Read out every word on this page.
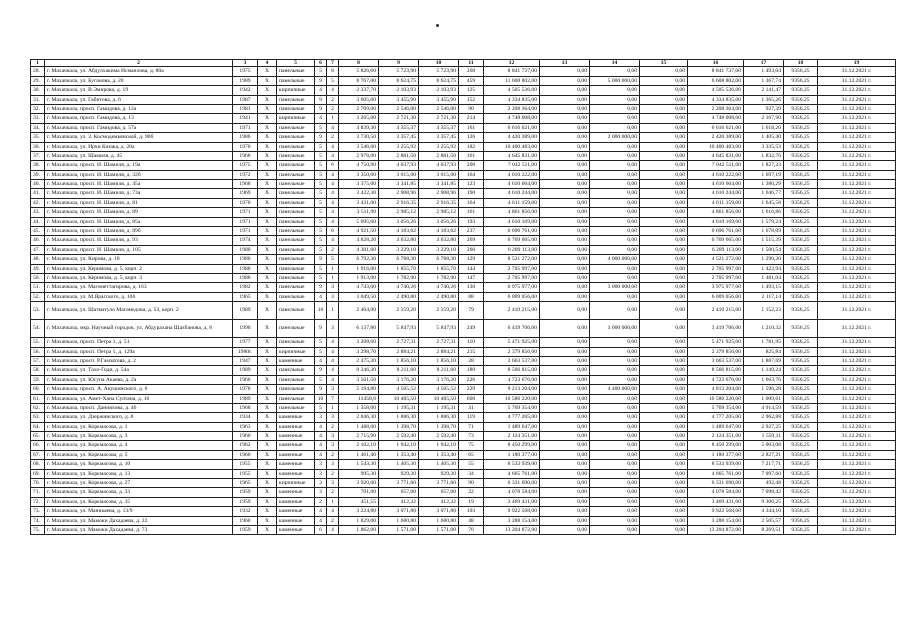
1	2	3	4	5	6	7	8	9	10	11	12	13	14	15	16	17	18	19
28.	г. Махачкала, ул. Абдулхакима Исмаилова, д. 80а	1975	X	панельные	5	8	5 826,60	5 723,90	5 723,90	260	8 841 737,00	0,00	0,00	0,00	8 841 737,00	1 493,04	9356,25	31.12.2021 г.
29.	г. Махачкала, ул. Буганова, д. 20	1989	X	панельные	9	5	8 767,00	8 624,75	8 624,75	459	11 608 802,00	0,00	5 000 000,00	0,00	6 608 802,00	1 367,74	9356,25	31.12.2021 г.
30.	г. Махачкала, ул. В.Эмирова, д. 19	1942	X	кирпичные	4	4	2 337,70	2 103,93	2 103,93	125	4 505 536,00	0,00	0,00	0,00	4 505 536,00	2 141,47	9356,25	31.12.2021 г.
31.	г. Махачкала, ул. Габитова, д. 6	1987	X	панельные	9	2	3 605,60	3 455,90	3 455,90	152	4 334 835,00	0,00	0,00	0,00	4 334 835,00	1 365,26	9356,25	31.12.2021 г.
32.	г. Махачкала, просп. Гамидова, д. 12а	1981	X	панельные	9	2	2 709,00	2 546,00	2 546,00	90	2 208 364,00	0,00	0,00	0,00	2 208 364,00	927,39	9356,25	31.12.2021 г.
33.	г. Махачкала, просп. Гамидова, д. 13	1941	X	кирпичные	4	1	3 265,00	2 721,30	2 721,30	214	4 748 008,00	0,00	0,00	0,00	4 748 008,00	2 167,90	9356,25	31.12.2021 г.
34.	г. Махачкала, просп. Гамидова, д. 57а	1971	X	панельные	5	4	4 839,30	4 355,37	4 355,37	161	6 616 621,00	0,00	0,00	0,00	6 616 621,00	1 618,20	9356,25	31.12.2021 г.
35.	г. Махачкала, ул. З. Космодемьянской, д. 90б	1986	X	панельные	9	2	3 730,50	3 357,45	3 357,45	126	4 420 389,00	0,00	2 000 000,00	0,00	2 420 389,00	1 405,40	9356,25	31.12.2021 г.
36.	г. Махачкала, ул. Ирчи Казака, д. 28а	1970	X	панельные	5	4	3 546,00	3 255,92	3 255,92	182	10 400 483,00	0,00	0,00	0,00	10 400 483,00	3 335,53	9356,25	31.12.2021 г.
37.	г. Махачкала, ул. Шамиля, д. 45	1968	X	панельные	5	4	2 978,00	2 881,50	2 881,50	161	4 645 831,00	0,00	0,00	0,00	4 645 831,00	1 832,76	9356,25	31.12.2021 г.
38.	г. Махачкала, просп. И. Шамиля, д. 19а	1975	X	панельные	5	6	4 750,90	4 037,93	4 037,93	200	7 042 511,00	0,00	0,00	0,00	7 042 511,00	1 827,23	9356,25	31.12.2021 г.
39.	г. Махачкала, просп. И. Шамиля, д. 32б	1972	X	панельные	5	4	3 350,00	3 015,00	3 015,00	164	4 610 222,00	0,00	0,00	0,00	4 610 222,00	1 697,19	9356,25	31.12.2021 г.
40.	г. Махачкала, просп. И. Шамиля, д. 45а	1968	X	панельные	5	4	3 375,00	3 341,85	3 341,85	123	4 610 604,00	0,00	0,00	0,00	4 610 604,00	1 380,29	9356,25	31.12.2021 г.
41.	г. Махачкала, просп. И. Шамиля, д. 73а	1969	X	панельные	5	4	3 422,30	2 908,96	2 908,96	190	4 610 244,00	0,00	0,00	0,00	4 610 244,00	1 646,77	9356,25	31.12.2021 г.
42.	г. Махачкала, просп. И. Шамиля, д. 81	1970	X	панельные	5	4	3 431,00	2 916,35	2 916,35	164	4 611 159,00	0,00	0,00	0,00	4 611 159,00	1 645,58	9356,25	31.12.2021 г.
43.	г. Махачкала, просп. И. Шамиля, д. 89	1971	X	панельные	5	4	3 511,90	2 985,12	2 985,12	161	4 861 856,00	0,00	0,00	0,00	4 861 856,00	1 616,86	9356,25	31.12.2021 г.
44.	г. Махачкала, просп. И. Шамиля, д. 85а	1971	X	панельные	5	4	5 095,60	3 056,26	3 056,26	193	4 610 169,00	0,00	0,00	0,00	4 610 169,00	1 579,24	9356,25	31.12.2021 г.
45.	г. Махачкала, просп. И. Шамиля, д. 89б	1971	X	панельные	5	6	4 921,50	4 183,62	4 183,62	237	6 696 761,00	0,00	0,00	0,00	6 696 761,00	1 678,09	9356,25	31.12.2021 г.
46.	г. Махачкала, просп. И. Шамиля, д. 93	1974	X	панельные	5	4	4 828,20	4 632,80	4 632,80	269	6 769 665,00	0,00	0,00	0,00	6 769 665,00	1 515,39	9356,25	31.12.2021 г.
47.	г. Махачкала, просп. И. Шамиля, д. 105	1980	X	панельные	5	2	4 301,60	3 229,10	3 229,10	266	6 289 113,00	0,00	0,00	0,00	6 289 113,00	1 500,54	9356,25	31.12.2021 г.
48.	г. Махачкала, ул. Кирова, д. 10	1986	X	панельные	9	5	6 792,30	6 788,30	6 788,30	129	8 521 272,00	0,00	4 000 000,00	0,00	4 521 272,00	1 290,20	9356,25	31.12.2021 г.
49.	г. Махачкала, ул. Керимова, д. 5, корп. 2	1988	X	панельные	5	1	1 916,00	1 855,70	1 855,70	144	2 705 997,00	0,00	0,00	0,00	2 705 997,00	1 422,94	9356,25	31.12.2021 г.
50.	г. Махачкала, ул. Керимова, д. 5, корп. 3	1988	X	панельные	5	1	1 913,00	1 782,90	1 782,90	147	2 705 997,00	0,00	0,00	0,00	2 705 997,00	1 481,04	9356,25	31.12.2021 г.
51.	г. Махачкала, ул. Магометтагирова, д. 163	1982	X	панельные	9	3	4 743,00	4 740,26	4 740,26	136	6 975 977,00	0,00	3 000 000,00	0,00	3 975 977,00	1 493,15	9356,25	31.12.2021 г.
52.	г. Махачкала, ул. М.Ярагского, д. 106	1965	X	панельные	4	3	3 049,50	2 490,80	2 490,80	88	6 009 056,00	0,00	0,00	0,00	6 009 056,00	2 117,14	9356,25	31.12.2021 г.
53.	г. Махачкала, ул. Шатматуло Магомедова, д. 53, корп. 2	1989	X	панельные	10	1	2 464,00	2 159,20	2 159,20	79	2 410 215,00	0,00	0,00	0,00	2 410 215,00	1 152,23	9356,25	31.12.2021 г.
54.	г. Махачкала, мкр. Научный городок, ул. Абдурахана Шахбанова, д. 8	1990	X	панельные	9	3	6 137,80	5 847,93	5 847,93	249	6 419 706,00	0,00	3 000 000,00	0,00	3 419 706,00	1 210,32	9356,25	31.12.2021 г.
55.	г. Махачкала, просп. Петра 1, д. 51	1977	X	панельные	5	4	3 208,60	2 727,31	2 727,31	110	5 471 925,00	0,00	0,00	0,00	5 471 925,00	1 781,95	9356,25	31.12.2021 г.
56.	г. Махачкала, просп. Петра 1, д. 129а	1980г.	X	кирпичные	5	4	3 298,70	2 884,21	2 884,21	215	2 379 856,00	0,00	0,00	0,00	2 379 856,00	825,84	9356,25	31.12.2021 г.
57.	г. Махачкала, просп. Р.Гамзатова, д. 2	1947	X	каменные	4	4	2 475,20	1 856,10	1 856,10	28	3 663 537,00	0,00	0,00	0,00	3 663 537,00	1 887,69	9356,25	31.12.2021 г.
58.	г. Махачкала, ул. Тахо-Годи, д. 54а	1989	X	панельные	9	4	8 246,30	8 211,60	8 211,60	180	8 566 815,00	0,00	0,00	0,00	8 566 815,00	1 149,24	9356,25	31.12.2021 г.
59.	г. Махачкала, ул. Юсупа Акаева, д. 2а	1966	X	панельные	5	4	3 561,50	3 176,20	3 176,20	226	4 723 676,00	0,00	0,00	0,00	4 723 676,00	1 663,76	9356,25	31.12.2021 г.
60.	г. Махачкала, просп. А. Акушинского, д. 6	1978	X	панельные	9	3	5 194,80	4 565,52	4 565,52	229	9 213 204,00	0,00	4 400 000,00	0,00	4 813 204,00	1 596,28	9356,25	31.12.2021 г.
61.	г. Махачкала, ул. Амет-Хана Султана, д. 16	1989	X	панельные	10	7	11458,0	10 485,50	10 485,50	600	10 586 220,00	0,00	0,00	0,00	10 586 220,00	1 009,61	9356,25	31.12.2021 г.
62.	г. Махачкала, просп. Даниялова, д. 46	1968	X	панельные	5	1	1 358,00	1 195,31	1 195,31	31	5 769 354,00	0,00	0,00	0,00	5 769 354,00	4 914,59	9356,25	31.12.2021 г.
63.	г. Махачкала, ул. Дзержинского, д. 8	1934	X	каменные	3	3	2 046,30	1 886,30	1 886,30	119	4 777 205,00	0,00	0,00	0,00	4 777 205,00	2 962,88	9356,25	31.12.2021 г.
64.	г. Махачкала, ул. Коркмасова, д. 1	1963	X	каменные	4	2	1 488,00	1 398,70	1 398,70	71	1 489 647,00	0,00	0,00	0,00	1 489 647,00	2 927,25	9356,25	31.12.2021 г.
65.	г. Махачкала, ул. Коркмасова, д. 3	1960	X	каменные	4	3	2 715,90	2 592,40	2 592,40	73	2 124 351,00	0,00	0,00	0,00	2 124 351,00	1 559,11	9356,25	31.12.2021 г.
66.	г. Махачкала, ул. Коркмасова, д. 4	1962	X	каменные	4	3	2 102,10	1 942,10	1 942,10	75	8 450 299,00	0,00	0,00	0,00	8 450 299,00	5 003,08	9356,25	31.12.2021 г.
67.	г. Махачкала, ул. Коркмасова, д. 5	1960	X	каменные	4	2	1 461,40	1 353,40	1 353,40	65	1 180 377,00	0,00	0,00	0,00	1 180 377,00	2 827,21	9356,25	31.12.2021 г.
68.	г. Махачкала, ул. Коркмасова, д. 10	1955	X	каменные	3	3	1 543,30	1 405,30	1 405,30	55	8 533 939,00	0,00	0,00	0,00	8 533 939,00	7 217,71	9356,25	31.12.2021 г.
69.	г. Махачкала, ул. Коркмасова, д. 13	1955	X	каменные	3	2	995,30	929,20	929,20	34	4 665 761,00	0,00	0,00	0,00	4 665 761,00	7 097,60	9356,25	31.12.2021 г.
70.	г. Махачкала, ул. Коркмасова, д. 27	1965	X	кирпичные	3	3	3 920,00	3 771,60	3 771,60	90	6 331 690,00	0,00	0,00	0,00	6 331 690,00	492,48	9356,25	31.12.2021 г.
71.	г. Махачкала, ул. Коркмасова, д. 33	1959	X	каменные	3	2	701,00	657,00	657,00	22	4 078 584,00	0,00	0,00	0,00	4 078 584,00	7 098,42	9356,25	31.12.2021 г.
72.	г. Махачкала, ул. Коркмасова, д. 35	1959	X	каменные	2	1	451,55	412,32	412,32	19	3 469 431,00	0,00	0,00	0,00	3 469 431,00	9 306,25	9356,25	31.12.2021 г.
73.	г. Махачкала, ул. Маникаева, д. 13/9	1932	X	каменные	4	4	3 224,80	3 071,80	3 071,80	103	9 922 568,00	0,00	0,00	0,00	9 922 568,00	4 344,10	9356,25	31.12.2021 г.
74.	г. Махачкала, ул. Мамоки Дахадаева, д. 22	1960	X	каменные	4	2	1 829,00	1 680,80	1 680,80	48	3 288 154,00	0,00	0,00	0,00	3 288 154,00	2 505,57	9356,25	31.12.2021 г.
75.	г. Махачкала, ул. Мамоки Дахадаева, д. 73	1959	X	каменные	6	4	1 862,00	1 571,00	1 571,00	76	13 204 872,00	0,00	0,00	0,00	13 204 872,00	8 269,51	9356,25	31.12.2021 г.
